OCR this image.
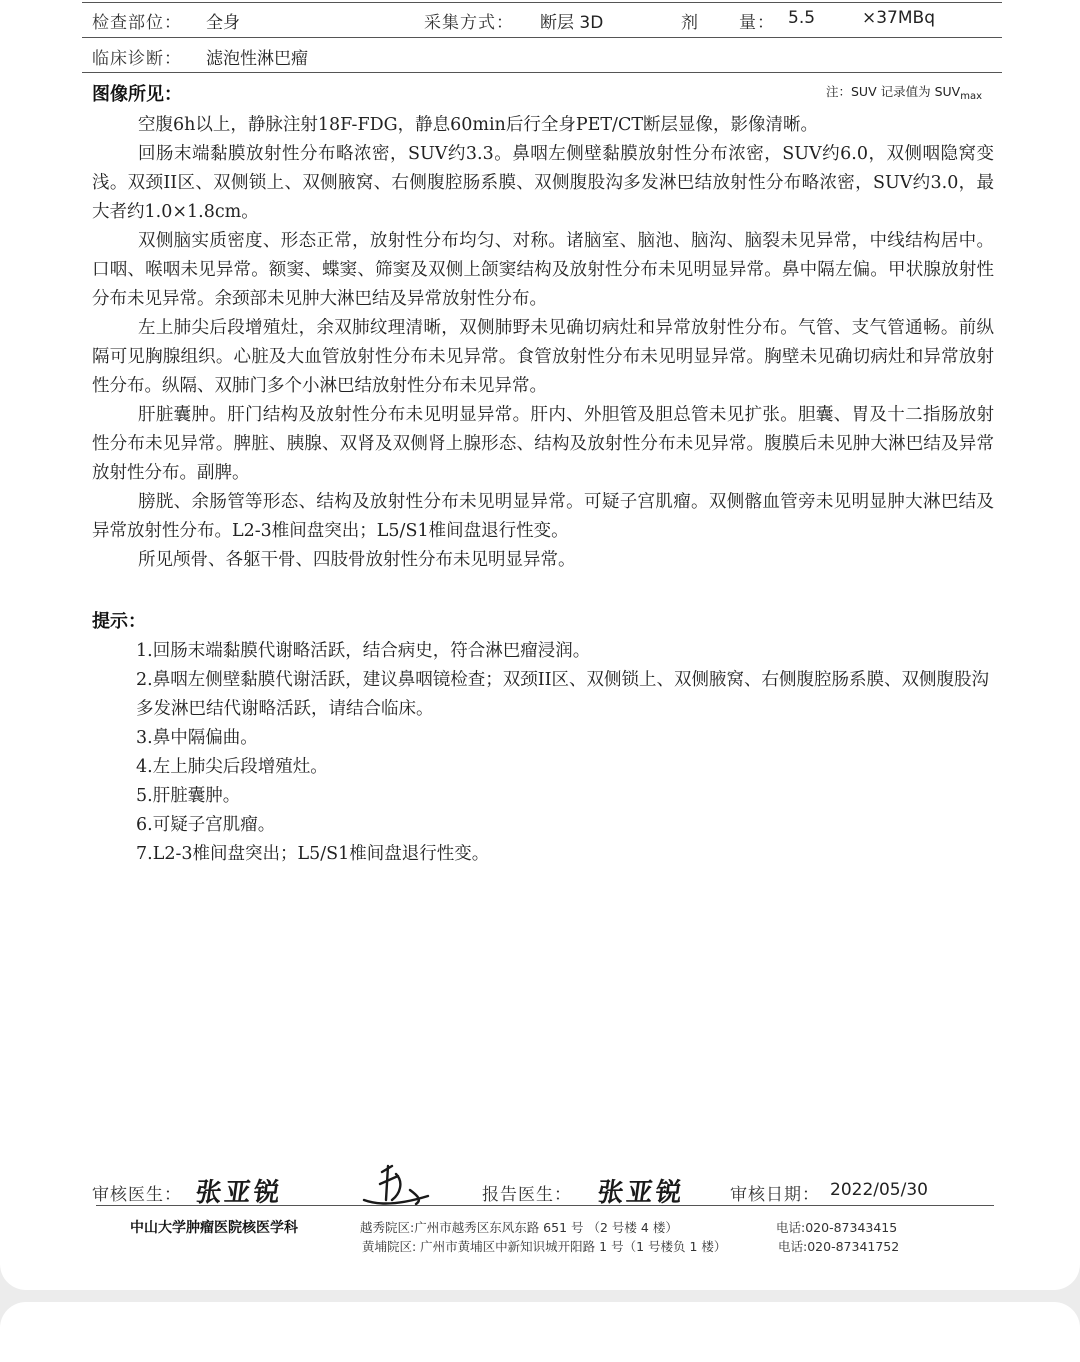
检查部位： 全身	采集方式： 断层 3D	剂 量： 5.5	×37MBq
临床诊断： 滤泡性淋巴瘤
图像所见：	注：SUV 记录值为 $SUV_{max}$

空腹6h以上，静脉注射18F-FDG，静息60min后行全身PET/CT断层显像，影像清晰。

回肠末端黏膜放射性分布略浓密，SUV约3.3。鼻咽左侧壁黏膜放射性分布浓密，SUV约6.0，双侧咽隐窝变浅。双颈II区、双侧锁上、双侧腋窝、右侧腹腔肠系膜、双侧腹股沟多发淋巴结放射性分布略浓密，SUV约3.0，最大者约1.0×1.8cm。

双侧脑实质密度、形态正常，放射性分布均匀、对称。诸脑室、脑池、脑沟、脑裂未见异常，中线结构居中。口咽、喉咽未见异常。额窦、蝶窦、筛窦及双侧上颌窦结构及放射性分布未见明显异常。鼻中隔左偏。甲状腺放射性分布未见异常。余颈部未见肿大淋巴结及异常放射性分布。

左上肺尖后段增殖灶，余双肺纹理清晰，双侧肺野未见确切病灶和异常放射性分布。气管、支气管通畅。前纵隔可见胸腺组织。心脏及大血管放射性分布未见异常。食管放射性分布未见明显异常。胸壁未见确切病灶和异常放射性分布。纵隔、双肺门多个小淋巴结放射性分布未见异常。

肝脏囊肿。肝门结构及放射性分布未见明显异常。肝内、外胆管及胆总管未见扩张。胆囊、胃及十二指肠放射性分布未见异常。脾脏、胰腺、双肾及双侧肾上腺形态、结构及放射性分布未见异常。腹膜后未见肿大淋巴结及异常放射性分布。副脾。

膀胱、余肠管等形态、结构及放射性分布未见明显异常。可疑子宫肌瘤。双侧髂血管旁未见明显肿大淋巴结及异常放射性分布。L2-3椎间盘突出；L5/S1椎间盘退行性变。

所见颅骨、各躯干骨、四肢骨放射性分布未见明显异常。

提示：

1.回肠末端黏膜代谢略活跃，结合病史，符合淋巴瘤浸润。

2.鼻咽左侧壁黏膜代谢活跃，建议鼻咽镜检查；双颈II区、双侧锁上、双侧腋窝、右侧腹腔肠系膜、双侧腹股沟多发淋巴结代谢略活跃，请结合临床。

3.鼻中隔偏曲。

4.左上肺尖后段增殖灶。

5.肝脏囊肿。

6.可疑子宫肌瘤。

7.L2-3椎间盘突出；L5/S1椎间盘退行性变。

审核医生： 张亚锐	报告医生： 张亚锐	审核日期： 2022/05/30
中山大学肿瘤医院核医学科	越秀院区:广州市越秀区东风东路 651 号 （2 号楼 4 楼）	电话:020-87343415
黄埔院区: 广州市黄埔区中新知识城开阳路 1 号（1 号楼负 1 楼）	电话:020-87341752
